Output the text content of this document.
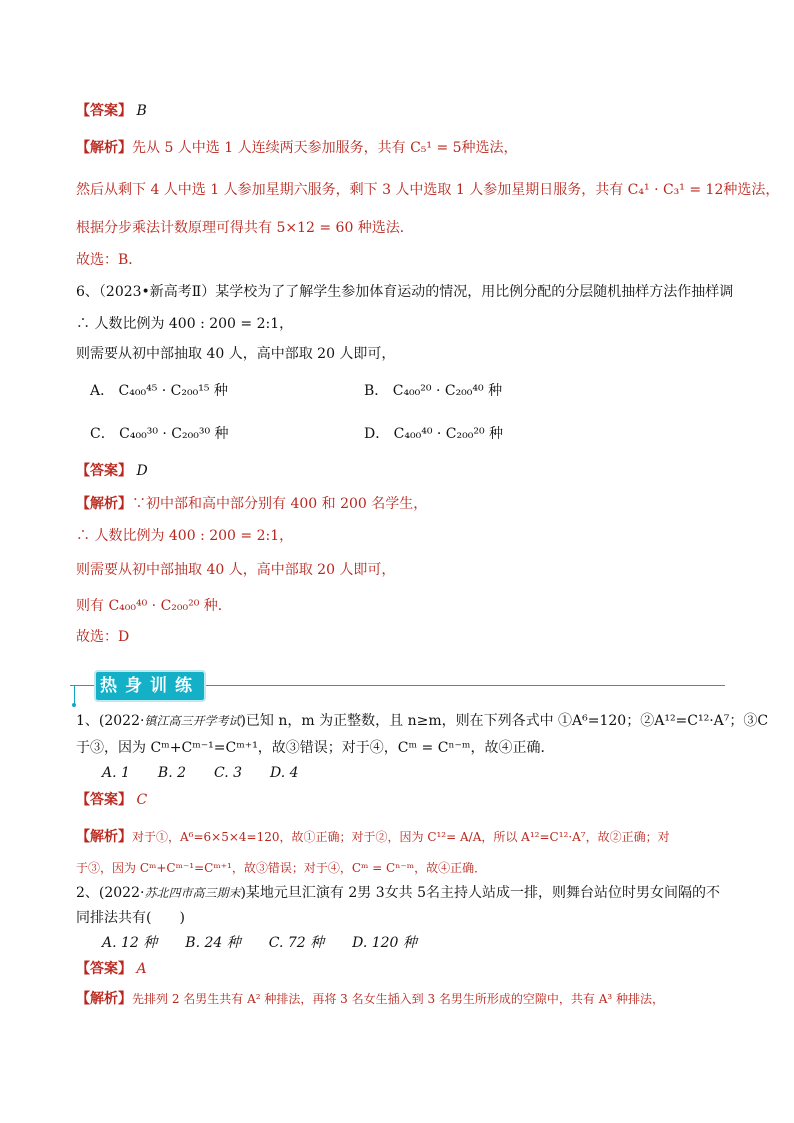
【答案】 B
【解析】先从 5 人中选 1 人连续两天参加服务，共有 C₅¹ = 5种选法，
然后从剩下 4 人中选 1 人参加星期六服务，剩下 3 人中选取 1 人参加星期日服务，共有 C₄¹ · C₃¹ = 12种选法，
根据分步乘法计数原理可得共有 5×12 = 60 种选法．
故选：B．
6、（2023•新高考Ⅱ）某学校为了了解学生参加体育运动的情况，用比例分配的分层随机抽样方法作抽样调
∴ 人数比例为 400 : 200 = 2:1，
则需要从初中部抽取 40 人，高中部取 20 人即可，
A． C₄₀₀⁴⁵ · C₂₀₀¹⁵ 种	B． C₄₀₀²⁰ · C₂₀₀⁴⁰ 种
C． C₄₀₀³⁰ · C₂₀₀³⁰ 种	D． C₄₀₀⁴⁰ · C₂₀₀²⁰ 种
【答案】 D
【解析】∵初中部和高中部分别有 400 和 200 名学生，
∴ 人数比例为 400 : 200 = 2:1，
则需要从初中部抽取 40 人，高中部取 20 人即可，
则有 C₄₀₀⁴⁰ · C₂₀₀²⁰ 种．
故选：D
热身训练
1、(2022·镇江高三开学考试)已知 n，m 为正整数，且 n≥m，则在下列各式中 ①A⁶=120；②A¹²=C¹²·A⁷；③C
于③，因为 Cᵐ+Cᵐ⁻¹=Cᵐ⁺¹，故③错误；对于④，Cᵐ = Cⁿ⁻ᵐ，故④正确．
A. 1　　B. 2　　C. 3　　D. 4
【答案】 C
【解析】对于①，A⁶=6×5×4=120，故①正确；对于②，因为 C¹²= A/A，所以 A¹²=C¹²·A⁷，故②正确；对
于③，因为 Cᵐ+Cᵐ⁻¹=Cᵐ⁺¹，故③错误；对于④，Cᵐ = Cⁿ⁻ᵐ，故④正确．
2、(2022·苏北四市高三期末)某地元旦汇演有 2男 3女共 5名主持人站成一排，则舞台站位时男女间隔的不
同排法共有(　　)
A. 12 种　　B. 24 种　　C. 72 种　　D. 120 种
【答案】 A
【解析】先排列 2 名男生共有 A² 种排法，再将 3 名女生插入到 3 名男生所形成的空隙中，共有 A³ 种排法，
